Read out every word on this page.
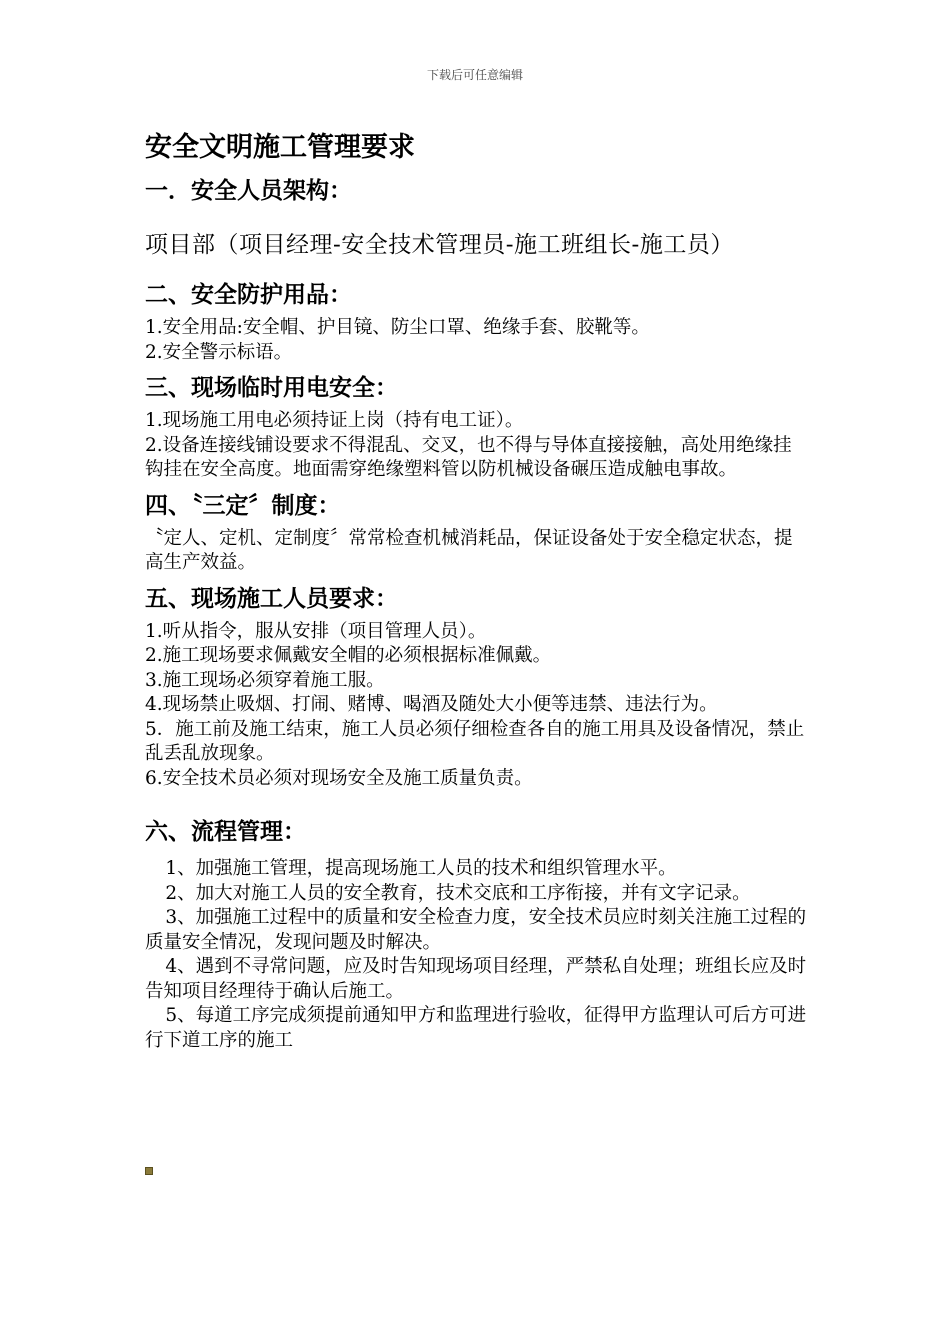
下载后可任意编辑
安全文明施工管理要求
一．安全人员架构：

项目部（项目经理-安全技术管理员-施工班组长-施工员）

二、安全防护用品：

1.安全用品:安全帽、护目镜、防尘口罩、绝缘手套、胶靴等。

2.安全警示标语。

三、现场临时用电安全：

1.现场施工用电必须持证上岗（持有电工证）。

2.设备连接线铺设要求不得混乱、交叉，也不得与导体直接接触，高处用绝缘挂钩挂在安全高度。地面需穿绝缘塑料管以防机械设备碾压造成触电事故。

四、〝三定〞制度：

〝定人、定机、定制度〞常常检查机械消耗品，保证设备处于安全稳定状态，提高生产效益。

五、现场施工人员要求：

1.听从指令，服从安排（项目管理人员）。

2.施工现场要求佩戴安全帽的必须根据标准佩戴。

3.施工现场必须穿着施工服。

4.现场禁止吸烟、打闹、赌博、喝酒及随处大小便等违禁、违法行为。

5．施工前及施工结束，施工人员必须仔细检查各自的施工用具及设备情况，禁止乱丢乱放现象。

6.安全技术员必须对现场安全及施工质量负责。

六、流程管理：

1、加强施工管理，提高现场施工人员的技术和组织管理水平。

2、加大对施工人员的安全教育，技术交底和工序衔接，并有文字记录。

3、加强施工过程中的质量和安全检查力度，安全技术员应时刻关注施工过程的质量安全情况，发现问题及时解决。

4、遇到不寻常问题，应及时告知现场项目经理，严禁私自处理；班组长应及时告知项目经理待于确认后施工。

5、每道工序完成须提前通知甲方和监理进行验收，征得甲方监理认可后方可进行下道工序的施工
